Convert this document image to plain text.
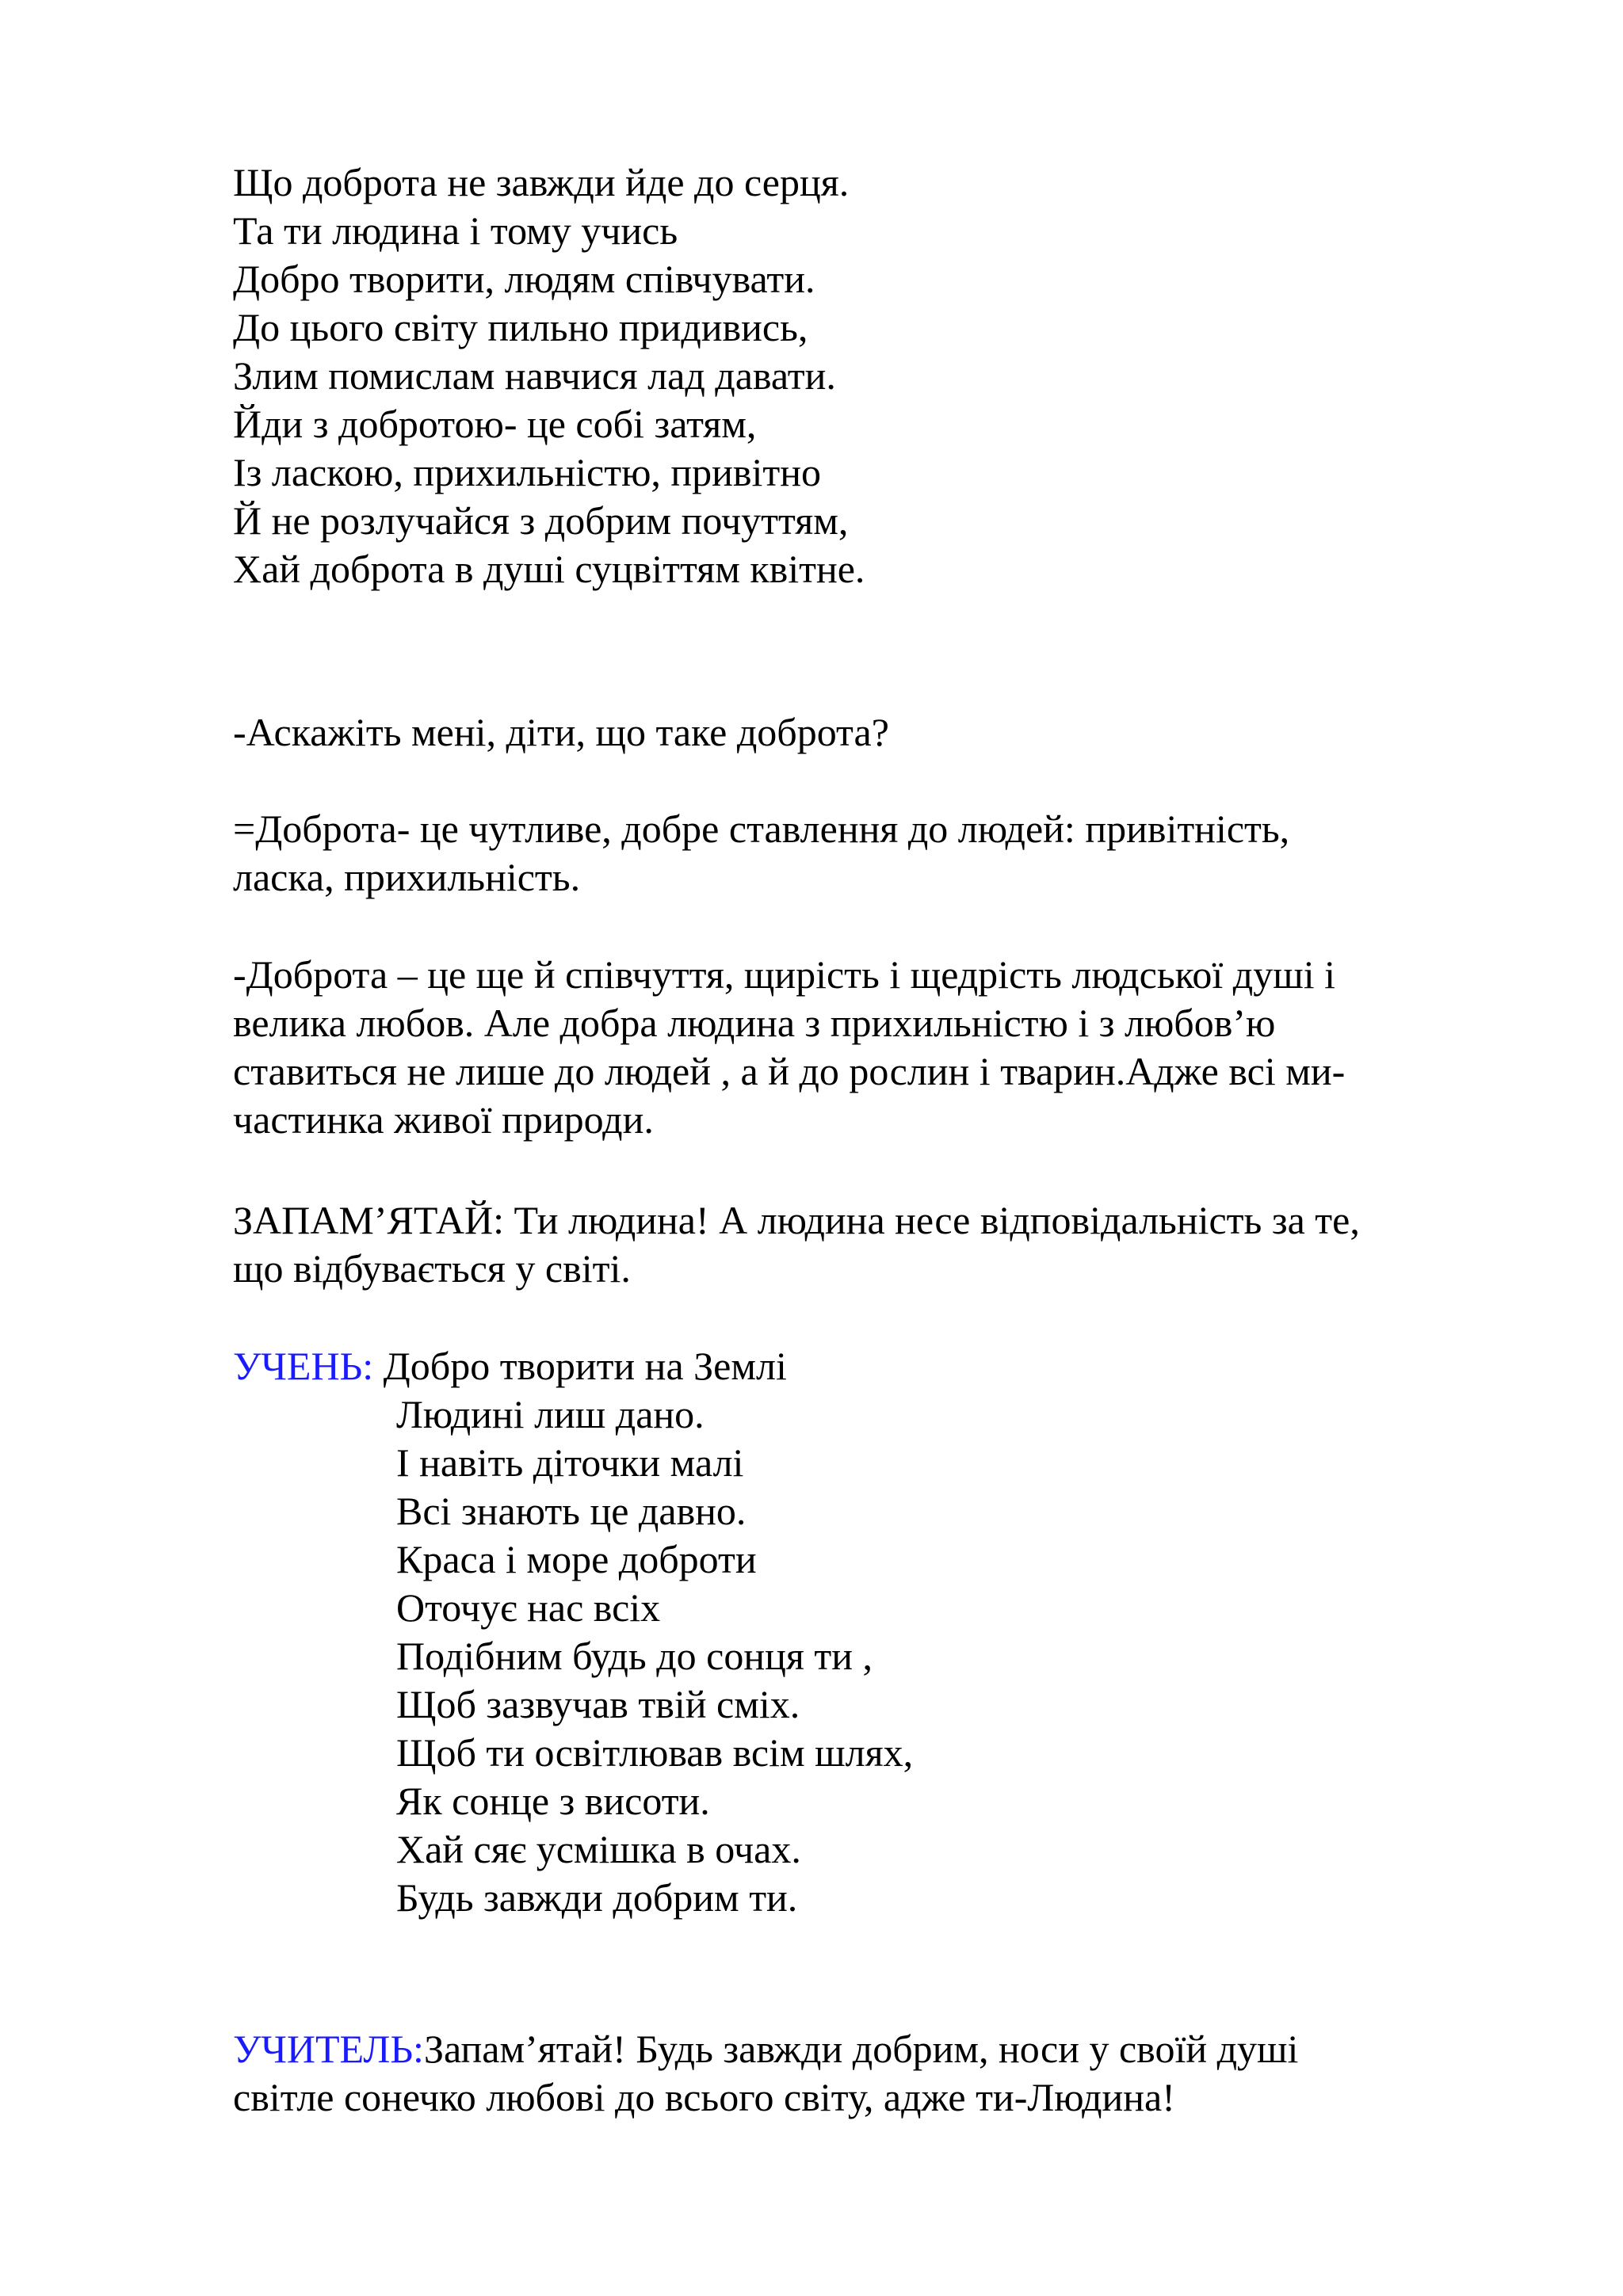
Що доброта не завжди йде до серця.
Та ти людина і тому учись
Добро творити, людям співчувати.
До цього світу пильно придивись,
Злим помислам навчися лад давати.
Йди з добротою- це собі затям,
Із ласкою, прихильністю, привітно
Й не розлучайся з добрим почуттям,
Хай доброта в душі суцвіттям квітне.
-Аскажіть мені, діти, що таке доброта?
=Доброта- це чутливе, добре ставлення до людей: привітність,
ласка, прихильність.
-Доброта – це ще й співчуття, щирість і щедрість людської душі і
велика любов. Але добра людина з прихильністю і з любов’ю
ставиться не лише до людей , а й до рослин і тварин.Адже всі ми-
частинка живої природи.
ЗАПАМ’ЯТАЙ: Ти людина! А людина несе відповідальність за те,
що відбувається у світі.
УЧЕНЬ: Добро творити на Землі
Людині лиш дано.
І навіть діточки малі
Всі знають це давно.
Краса і море доброти
Оточує нас всіх
Подібним будь до сонця ти ,
Щоб зазвучав твій сміх.
Щоб ти освітлював всім шлях,
Як сонце з висоти.
Хай сяє усмішка в очах.
Будь завжди добрим ти.
УЧИТЕЛЬ:Запам’ятай! Будь завжди добрим, носи у своїй душі
світле сонечко любові до всього світу, адже ти-Людина!
